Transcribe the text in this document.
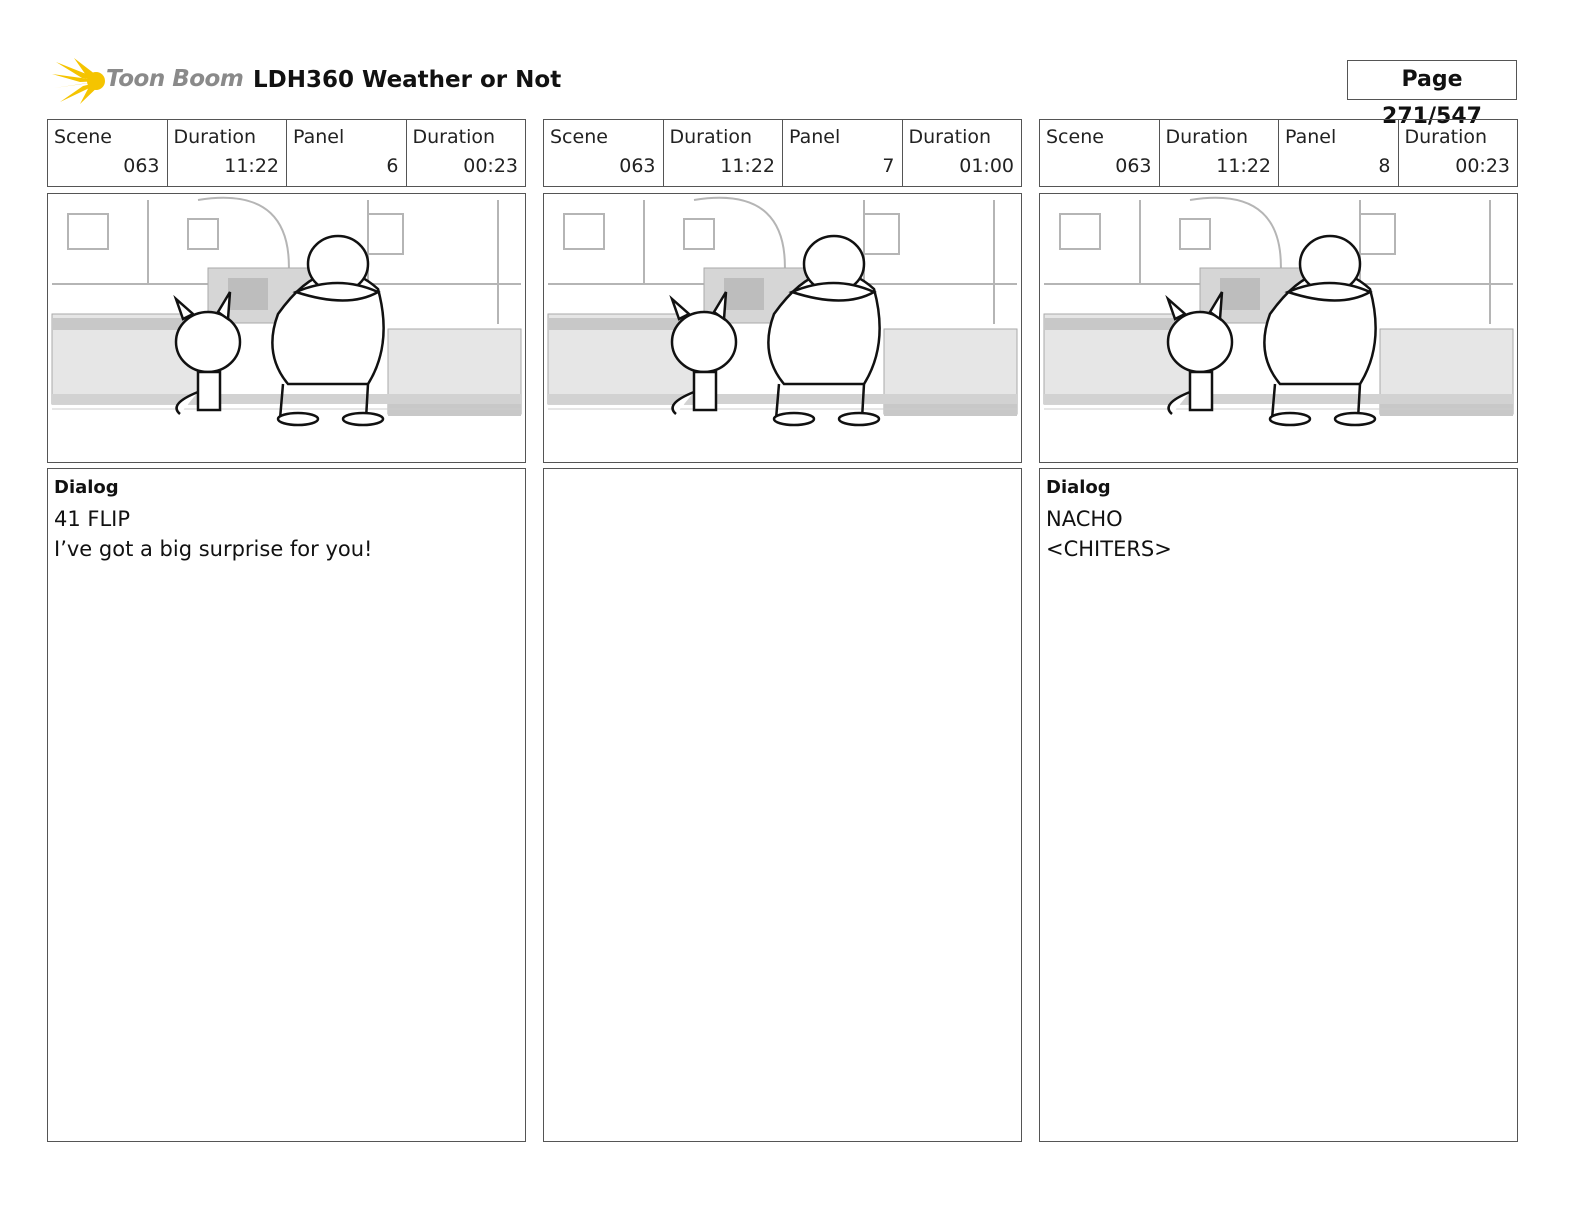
Toon Boom LDH360 Weather or Not	Page 271/547
Scene
063
Duration
11:22
Panel
6
Duration
00:23
Dialog
41 FLIP
I’ve got a big surprise for you!
Scene
063
Duration
11:22
Panel
7
Duration
01:00
Scene
063
Duration
11:22
Panel
8
Duration
00:23
Dialog
NACHO
<CHITERS>
